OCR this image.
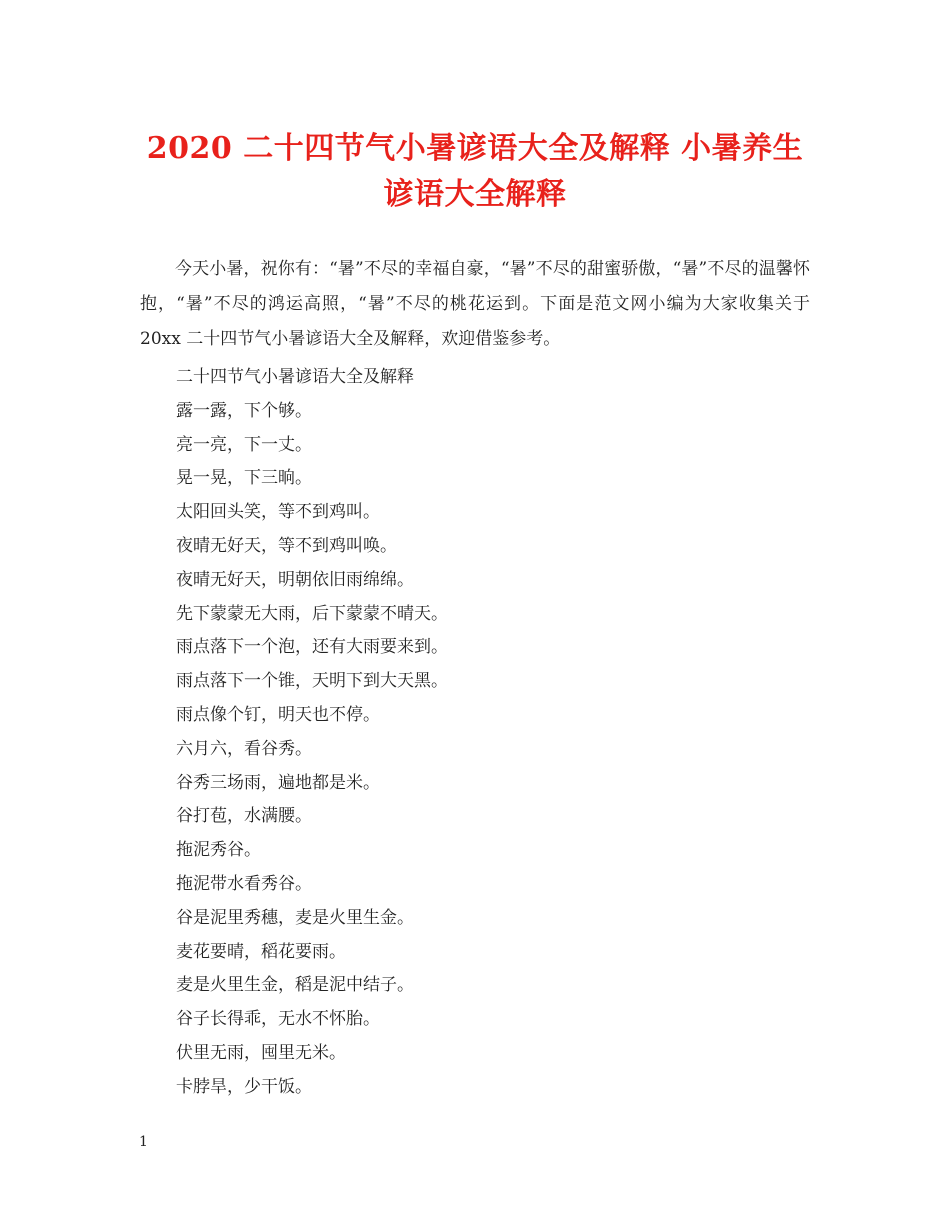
2020 二十四节气小暑谚语大全及解释 小暑养生谚语大全解释

今天小暑，祝你有：“暑”不尽的幸福自豪，“暑”不尽的甜蜜骄傲，“暑”不尽的温馨怀抱，“暑”不尽的鸿运高照，“暑”不尽的桃花运到。下面是范文网小编为大家收集关于 20xx 二十四节气小暑谚语大全及解释，欢迎借鉴参考。

二十四节气小暑谚语大全及解释
露一露，下个够。
亮一亮，下一丈。
晃一晃，下三晌。
太阳回头笑，等不到鸡叫。
夜晴无好天，等不到鸡叫唤。
夜晴无好天，明朝依旧雨绵绵。
先下蒙蒙无大雨，后下蒙蒙不晴天。
雨点落下一个泡，还有大雨要来到。
雨点落下一个锥，天明下到大天黑。
雨点像个钉，明天也不停。
六月六，看谷秀。
谷秀三场雨，遍地都是米。
谷打苞，水满腰。
拖泥秀谷。
拖泥带水看秀谷。
谷是泥里秀穗，麦是火里生金。
麦花要晴，稻花要雨。
麦是火里生金，稻是泥中结子。
谷子长得乖，无水不怀胎。
伏里无雨，囤里无米。
卡脖旱，少干饭。
1
